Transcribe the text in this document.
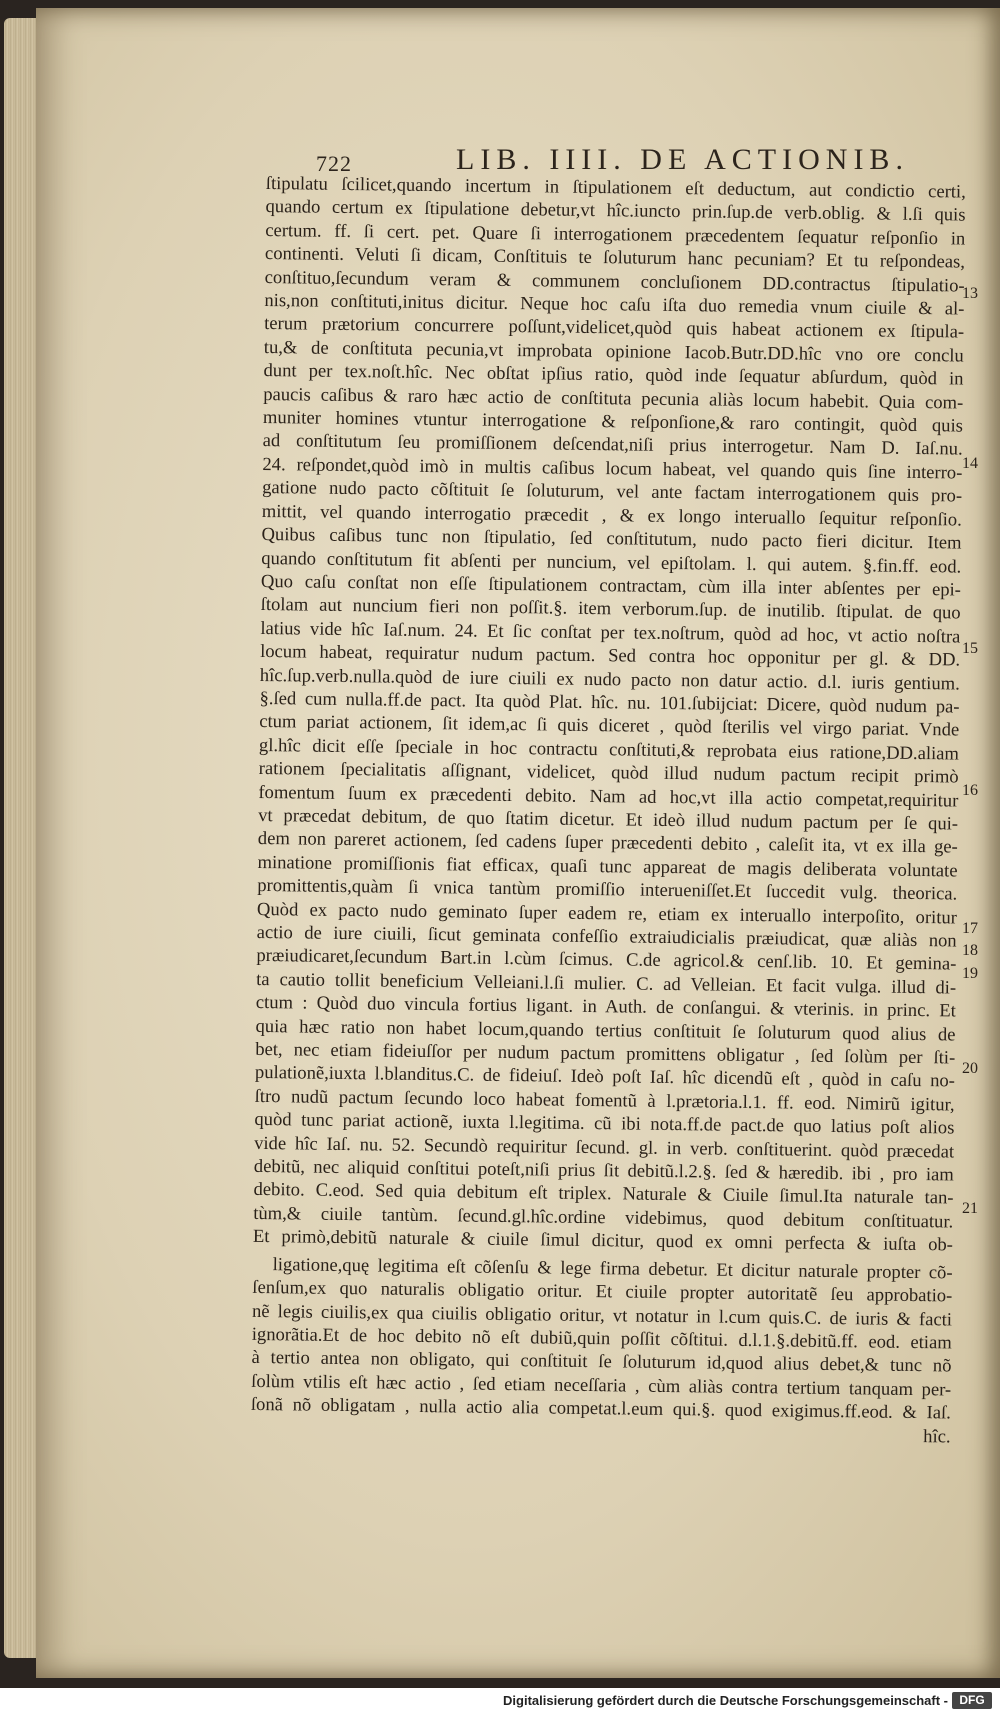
722	LIB. IIII. DE ACTIONIB.
ſtipulatu ſcilicet,quando incertum in ſtipulationem eſt deductum, aut condictio certi,
quando certum ex ſtipulatione debetur,vt hîc.iuncto prin.ſup.de verb.oblig. & l.ſi quis
certum. ff. ſi cert. pet. Quare ſi interrogationem præcedentem ſequatur reſponſio in
continenti. Veluti ſi dicam, Conſtituis te ſoluturum hanc pecuniam? Et tu reſpondeas,
conſtituo,ſecundum veram & communem concluſionem DD.contractus ſtipulatio-
nis,non conſtituti,initus dicitur. Neque hoc caſu iſta duo remedia vnum ciuile & al-
terum prætorium concurrere poſſunt,videlicet,quòd quis habeat actionem ex ſtipula-
tu,& de conſtituta pecunia,vt improbata opinione Iacob.Butr.DD.hîc vno ore conclu
dunt per tex.noſt.hîc. Nec obſtat ipſius ratio, quòd inde ſequatur abſurdum, quòd in
paucis caſibus & raro hæc actio de conſtituta pecunia aliàs locum habebit. Quia com-
muniter homines vtuntur interrogatione & reſponſione,& raro contingit, quòd quis
ad conſtitutum ſeu promiſſionem deſcendat,niſi prius interrogetur. Nam D. Iaſ.nu.
24. reſpondet,quòd imò in multis caſibus locum habeat, vel quando quis ſine interro-
gatione nudo pacto cõſtituit ſe ſoluturum, vel ante factam interrogationem quis pro-
mittit, vel quando interrogatio præcedit , & ex longo interuallo ſequitur reſponſio.
Quibus caſibus tunc non ſtipulatio, ſed conſtitutum, nudo pacto fieri dicitur. Item
quando conſtitutum fit abſenti per nuncium, vel epiſtolam. l. qui autem. §.fin.ff. eod.
Quo caſu conſtat non eſſe ſtipulationem contractam, cùm illa inter abſentes per epi-
ſtolam aut nuncium fieri non poſſit.§. item verborum.ſup. de inutilib. ſtipulat. de quo
latius vide hîc Iaſ.num. 24. Et ſic conſtat per tex.noſtrum, quòd ad hoc, vt actio noſtra
locum habeat, requiratur nudum pactum. Sed contra hoc opponitur per gl. & DD.
hîc.ſup.verb.nulla.quòd de iure ciuili ex nudo pacto non datur actio. d.l. iuris gentium.
§.ſed cum nulla.ff.de pact. Ita quòd Plat. hîc. nu. 101.ſubijciat: Dicere, quòd nudum pa-
ctum pariat actionem, ſit idem,ac ſi quis diceret , quòd ſterilis vel virgo pariat. Vnde
gl.hîc dicit eſſe ſpeciale in hoc contractu conſtituti,& reprobata eius ratione,DD.aliam
rationem ſpecialitatis aſſignant, videlicet, quòd illud nudum pactum recipit primò
fomentum ſuum ex præcedenti debito. Nam ad hoc,vt illa actio competat,requiritur
vt præcedat debitum, de quo ſtatim dicetur. Et ideò illud nudum pactum per ſe qui-
dem non pareret actionem, ſed cadens ſuper præcedenti debito , caleſit ita, vt ex illa ge-
minatione promiſſionis fiat efficax, quaſi tunc appareat de magis deliberata voluntate
promittentis,quàm ſi vnica tantùm promiſſio interueniſſet.Et ſuccedit vulg. theorica.
Quòd ex pacto nudo geminato ſuper eadem re, etiam ex interuallo interpoſito, oritur
actio de iure ciuili, ſicut geminata confeſſio extraiudicialis præiudicat, quæ aliàs non
præiudicaret,ſecundum Bart.in l.cùm ſcimus. C.de agricol.& cenſ.lib. 10. Et gemina-
ta cautio tollit beneficium Velleiani.l.ſi mulier. C. ad Velleian. Et facit vulga. illud di-
ctum : Quòd duo vincula fortius ligant. in Auth. de conſangui. & vterinis. in princ. Et
quia hæc ratio non habet locum,quando tertius conſtituit ſe ſoluturum quod alius de
bet, nec etiam fideiuſſor per nudum pactum promittens obligatur , ſed ſolùm per ſti-
pulationẽ,iuxta l.blanditus.C. de fideiuſ. Ideò poſt Iaſ. hîc dicendũ eſt , quòd in caſu no-
ſtro nudũ pactum ſecundo loco habeat fomentũ à l.prætoria.l.1. ff. eod. Nimirũ igitur,
quòd tunc pariat actionẽ, iuxta l.legitima. cũ ibi nota.ff.de pact.de quo latius poſt alios
vide hîc Iaſ. nu. 52. Secundò requiritur ſecund. gl. in verb. conſtituerint. quòd præcedat
debitũ, nec aliquid conſtitui poteſt,niſi prius ſit debitũ.l.2.§. ſed & hæredib. ibi , pro iam
debito. C.eod. Sed quia debitum eſt triplex. Naturale & Ciuile ſimul.Ita naturale tan-
tùm,& ciuile tantùm. ſecund.gl.hîc.ordine videbimus, quod debitum conſtituatur.
Et primò,debitũ naturale & ciuile ſimul dicitur, quod ex omni perfecta & iuſta ob-
ligatione,quę legitima eſt cõſenſu & lege firma debetur. Et dicitur naturale propter cõ-
ſenſum,ex quo naturalis obligatio oritur. Et ciuile propter autoritatẽ ſeu approbatio-
nẽ legis ciuilis,ex qua ciuilis obligatio oritur, vt notatur in l.cum quis.C. de iuris & facti
ignorãtia.Et de hoc debito nõ eſt dubiũ,quin poſſit cõſtitui. d.l.1.§.debitũ.ff. eod. etiam
à tertio antea non obligato, qui conſtituit ſe ſoluturum id,quod alius debet,& tunc nõ
ſolùm vtilis eſt hæc actio , ſed etiam neceſſaria , cùm aliàs contra tertium tanquam per-
ſonã nõ obligatam , nulla actio alia competat.l.eum qui.§. quod exigimus.ff.eod. & Iaſ.
hîc.
13
14
15
16
17
18
19
20
21
Digitalisierung gefördert durch die Deutsche Forschungsgemeinschaft - DFG
